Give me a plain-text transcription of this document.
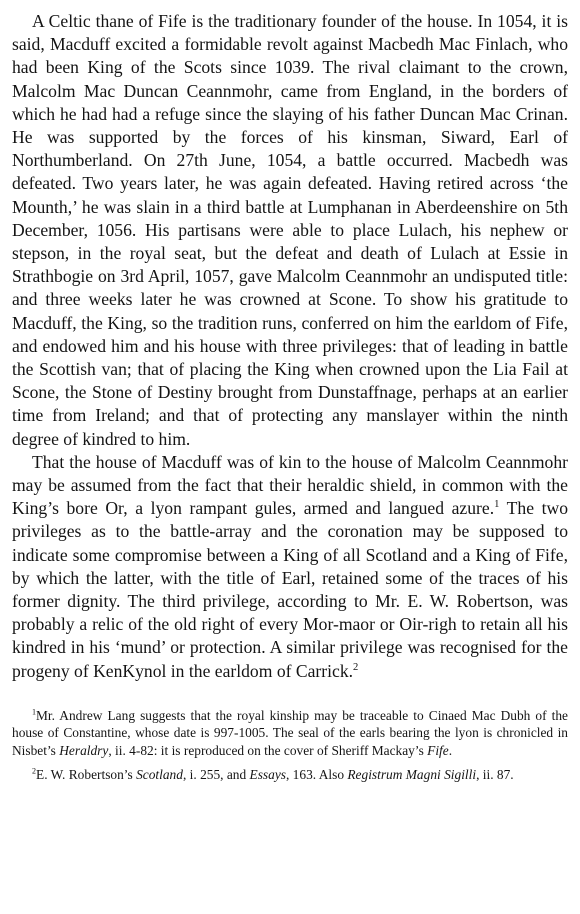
A Celtic thane of Fife is the traditionary founder of the house. In 1054, it is said, Macduff excited a formidable revolt against Macbedh Mac Finlach, who had been King of the Scots since 1039. The rival claimant to the crown, Malcolm Mac Duncan Ceannmohr, came from England, in the borders of which he had had a refuge since the slaying of his father Duncan Mac Crinan. He was supported by the forces of his kinsman, Siward, Earl of Northumberland. On 27th June, 1054, a battle occurred. Macbedh was defeated. Two years later, he was again defeated. Having retired across ‘the Mounth,’ he was slain in a third battle at Lumphanan in Aberdeenshire on 5th December, 1056. His partisans were able to place Lulach, his nephew or stepson, in the royal seat, but the defeat and death of Lulach at Essie in Strathbogie on 3rd April, 1057, gave Malcolm Ceannmohr an undisputed title: and three weeks later he was crowned at Scone. To show his gratitude to Macduff, the King, so the tradition runs, conferred on him the earldom of Fife, and endowed him and his house with three privileges: that of leading in battle the Scottish van; that of placing the King when crowned upon the Lia Fail at Scone, the Stone of Destiny brought from Dunstaffnage, perhaps at an earlier time from Ireland; and that of protecting any manslayer within the ninth degree of kindred to him.

That the house of Macduff was of kin to the house of Malcolm Ceannmohr may be assumed from the fact that their heraldic shield, in common with the King’s bore Or, a lyon rampant gules, armed and langued azure.$^1$ The two privileges as to the battle-array and the coronation may be supposed to indicate some compromise between a King of all Scotland and a King of Fife, by which the latter, with the title of Earl, retained some of the traces of his former dignity. The third privilege, according to Mr. E. W. Robertson, was probably a relic of the old right of every Mor-maor or Oir-righ to retain all his kindred in his ‘mund’ or protection. A similar privilege was recognised for the progeny of KenKynol in the earldom of Carrick.$^2$

$^1$Mr. Andrew Lang suggests that the royal kinship may be traceable to Cinaed Mac Dubh of the house of Constantine, whose date is 997-1005. The seal of the earls bearing the lyon is chronicled in Nisbet’s Heraldry, ii. 4-82: it is reproduced on the cover of Sheriff Mackay’s Fife.

$^2$E. W. Robertson’s Scotland, i. 255, and Essays, 163. Also Registrum Magni Sigilli, ii. 87.
